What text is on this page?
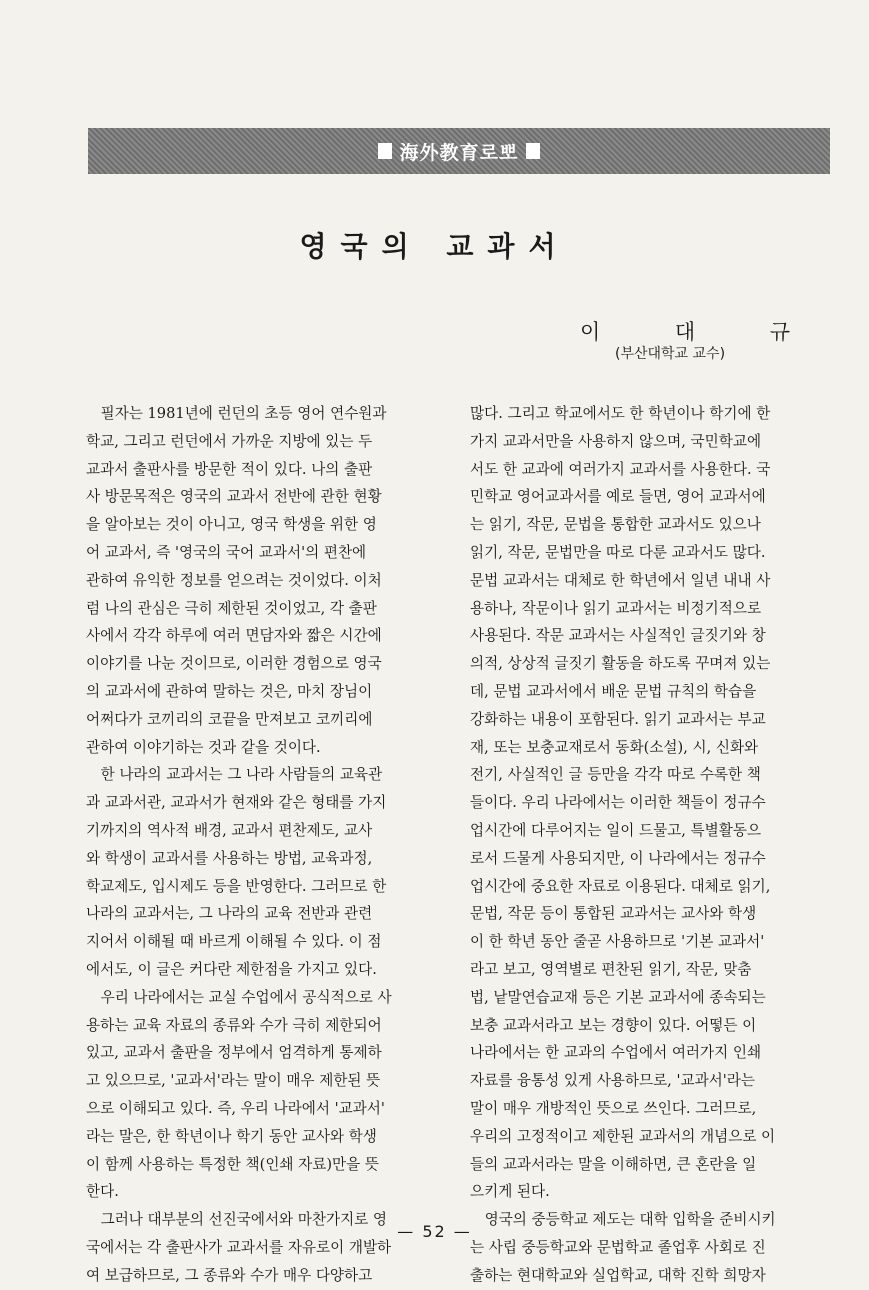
海外教育로뽀
영국의 교과서
이	대	규
(부산대학교 교수)
　필자는 1981년에 런던의 초등 영어 연수원과
학교, 그리고 런던에서 가까운 지방에 있는 두
교과서 출판사를 방문한 적이 있다. 나의 출판
사 방문목적은 영국의 교과서 전반에 관한 현황
을 알아보는 것이 아니고, 영국 학생을 위한 영
어 교과서, 즉 '영국의 국어 교과서'의 편찬에
관하여 유익한 정보를 얻으려는 것이었다. 이처
럼 나의 관심은 극히 제한된 것이었고, 각 출판
사에서 각각 하루에 여러 면담자와 짧은 시간에
이야기를 나눈 것이므로, 이러한 경험으로 영국
의 교과서에 관하여 말하는 것은, 마치 장님이
어쩌다가 코끼리의 코끝을 만져보고 코끼리에
관하여 이야기하는 것과 같을 것이다.
　한 나라의 교과서는 그 나라 사람들의 교육관
과 교과서관, 교과서가 현재와 같은 형태를 가지
기까지의 역사적 배경, 교과서 편찬제도, 교사
와 학생이 교과서를 사용하는 방법, 교육과정,
학교제도, 입시제도 등을 반영한다. 그러므로 한
나라의 교과서는, 그 나라의 교육 전반과 관련
지어서 이해될 때 바르게 이해될 수 있다. 이 점
에서도, 이 글은 커다란 제한점을 가지고 있다.
　우리 나라에서는 교실 수업에서 공식적으로 사
용하는 교육 자료의 종류와 수가 극히 제한되어
있고, 교과서 출판을 정부에서 엄격하게 통제하
고 있으므로, '교과서'라는 말이 매우 제한된 뜻
으로 이해되고 있다. 즉, 우리 나라에서 '교과서'
라는 말은, 한 학년이나 학기 동안 교사와 학생
이 함께 사용하는 특정한 책(인쇄 자료)만을 뜻
한다.
　그러나 대부분의 선진국에서와 마찬가지로 영
국에서는 각 출판사가 교과서를 자유로이 개발하
여 보급하므로, 그 종류와 수가 매우 다양하고
많다. 그리고 학교에서도 한 학년이나 학기에 한
가지 교과서만을 사용하지 않으며, 국민학교에
서도 한 교과에 여러가지 교과서를 사용한다. 국
민학교 영어교과서를 예로 들면, 영어 교과서에
는 읽기, 작문, 문법을 통합한 교과서도 있으나
읽기, 작문, 문법만을 따로 다룬 교과서도 많다.
문법 교과서는 대체로 한 학년에서 일년 내내 사
용하나, 작문이나 읽기 교과서는 비정기적으로
사용된다. 작문 교과서는 사실적인 글짓기와 창
의적, 상상적 글짓기 활동을 하도록 꾸며져 있는
데, 문법 교과서에서 배운 문법 규칙의 학습을
강화하는 내용이 포함된다. 읽기 교과서는 부교
재, 또는 보충교재로서 동화(소설), 시, 신화와
전기, 사실적인 글 등만을 각각 따로 수록한 책
들이다. 우리 나라에서는 이러한 책들이 정규수
업시간에 다루어지는 일이 드물고, 특별활동으
로서 드물게 사용되지만, 이 나라에서는 정규수
업시간에 중요한 자료로 이용된다. 대체로 읽기,
문법, 작문 등이 통합된 교과서는 교사와 학생
이 한 학년 동안 줄곧 사용하므로 '기본 교과서'
라고 보고, 영역별로 편찬된 읽기, 작문, 맞춤
법, 낱말연습교재 등은 기본 교과서에 종속되는
보충 교과서라고 보는 경향이 있다. 어떻든 이
나라에서는 한 교과의 수업에서 여러가지 인쇄
자료를 융통성 있게 사용하므로, '교과서'라는
말이 매우 개방적인 뜻으로 쓰인다. 그러므로,
우리의 고정적이고 제한된 교과서의 개념으로 이
들의 교과서라는 말을 이해하면, 큰 혼란을 일
으키게 된다.
　영국의 중등학교 제도는 대학 입학을 준비시키
는 사립 중등학교와 문법학교 졸업후 사회로 진
출하는 현대학교와 실업학교, 대학 진학 희망자
— 52 —
